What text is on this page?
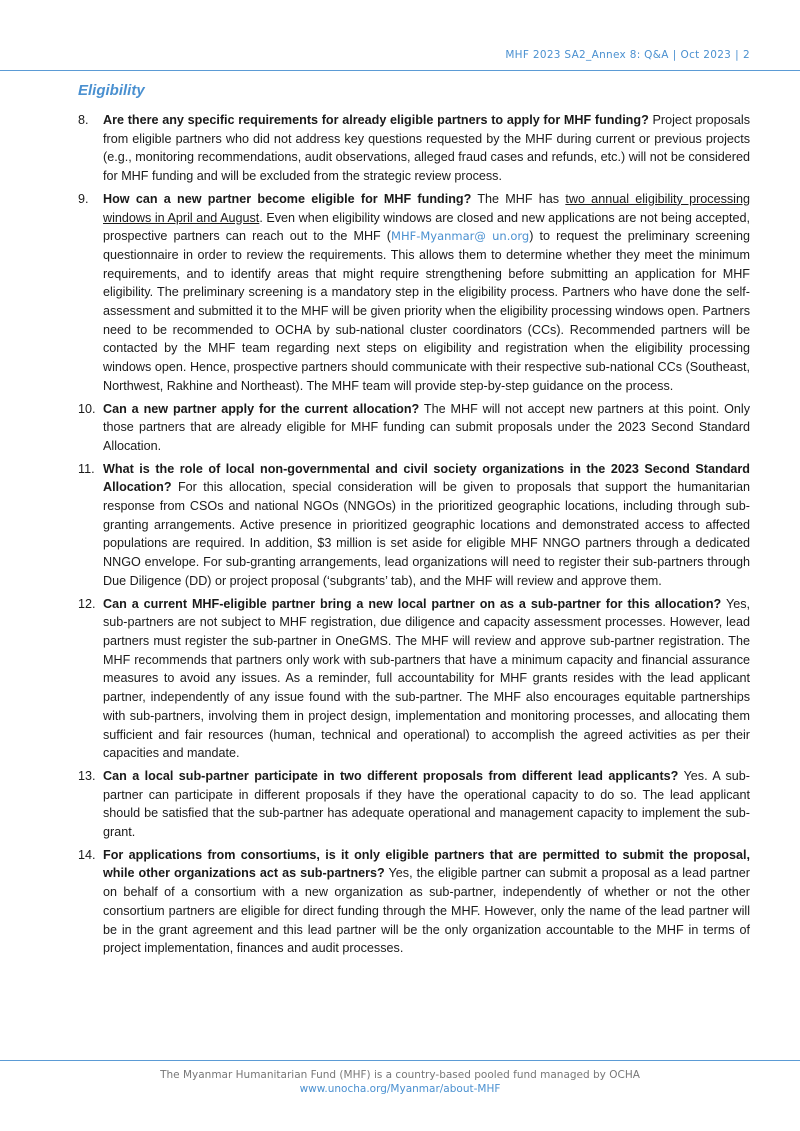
MHF 2023 SA2_Annex 8: Q&A | Oct 2023 | 2
Eligibility
8. Are there any specific requirements for already eligible partners to apply for MHF funding? Project proposals from eligible partners who did not address key questions requested by the MHF during current or previous projects (e.g., monitoring recommendations, audit observations, alleged fraud cases and refunds, etc.) will not be considered for MHF funding and will be excluded from the strategic review process.
9. How can a new partner become eligible for MHF funding? The MHF has two annual eligibility processing windows in April and August. Even when eligibility windows are closed and new applications are not being accepted, prospective partners can reach out to the MHF (MHF-Myanmar@ un.org) to request the preliminary screening questionnaire in order to review the requirements. This allows them to determine whether they meet the minimum requirements, and to identify areas that might require strengthening before submitting an application for MHF eligibility. The preliminary screening is a mandatory step in the eligibility process. Partners who have done the self-assessment and submitted it to the MHF will be given priority when the eligibility processing windows open. Partners need to be recommended to OCHA by sub-national cluster coordinators (CCs). Recommended partners will be contacted by the MHF team regarding next steps on eligibility and registration when the eligibility processing windows open. Hence, prospective partners should communicate with their respective sub-national CCs (Southeast, Northwest, Rakhine and Northeast). The MHF team will provide step-by-step guidance on the process.
10. Can a new partner apply for the current allocation? The MHF will not accept new partners at this point. Only those partners that are already eligible for MHF funding can submit proposals under the 2023 Second Standard Allocation.
11. What is the role of local non-governmental and civil society organizations in the 2023 Second Standard Allocation? For this allocation, special consideration will be given to proposals that support the humanitarian response from CSOs and national NGOs (NNGOs) in the prioritized geographic locations, including through sub-granting arrangements. Active presence in prioritized geographic locations and demonstrated access to affected populations are required. In addition, $3 million is set aside for eligible MHF NNGO partners through a dedicated NNGO envelope. For sub-granting arrangements, lead organizations will need to register their sub-partners through Due Diligence (DD) or project proposal (‘subgrants’ tab), and the MHF will review and approve them.
12. Can a current MHF-eligible partner bring a new local partner on as a sub-partner for this allocation? Yes, sub-partners are not subject to MHF registration, due diligence and capacity assessment processes. However, lead partners must register the sub-partner in OneGMS. The MHF will review and approve sub-partner registration. The MHF recommends that partners only work with sub-partners that have a minimum capacity and financial assurance measures to avoid any issues. As a reminder, full accountability for MHF grants resides with the lead applicant partner, independently of any issue found with the sub-partner. The MHF also encourages equitable partnerships with sub-partners, involving them in project design, implementation and monitoring processes, and allocating them sufficient and fair resources (human, technical and operational) to accomplish the agreed activities as per their capacities and mandate.
13. Can a local sub-partner participate in two different proposals from different lead applicants? Yes. A sub-partner can participate in different proposals if they have the operational capacity to do so. The lead applicant should be satisfied that the sub-partner has adequate operational and management capacity to implement the sub-grant.
14. For applications from consortiums, is it only eligible partners that are permitted to submit the proposal, while other organizations act as sub-partners? Yes, the eligible partner can submit a proposal as a lead partner on behalf of a consortium with a new organization as sub-partner, independently of whether or not the other consortium partners are eligible for direct funding through the MHF. However, only the name of the lead partner will be in the grant agreement and this lead partner will be the only organization accountable to the MHF in terms of project implementation, finances and audit processes.
The Myanmar Humanitarian Fund (MHF) is a country-based pooled fund managed by OCHA
www.unocha.org/Myanmar/about-MHF
